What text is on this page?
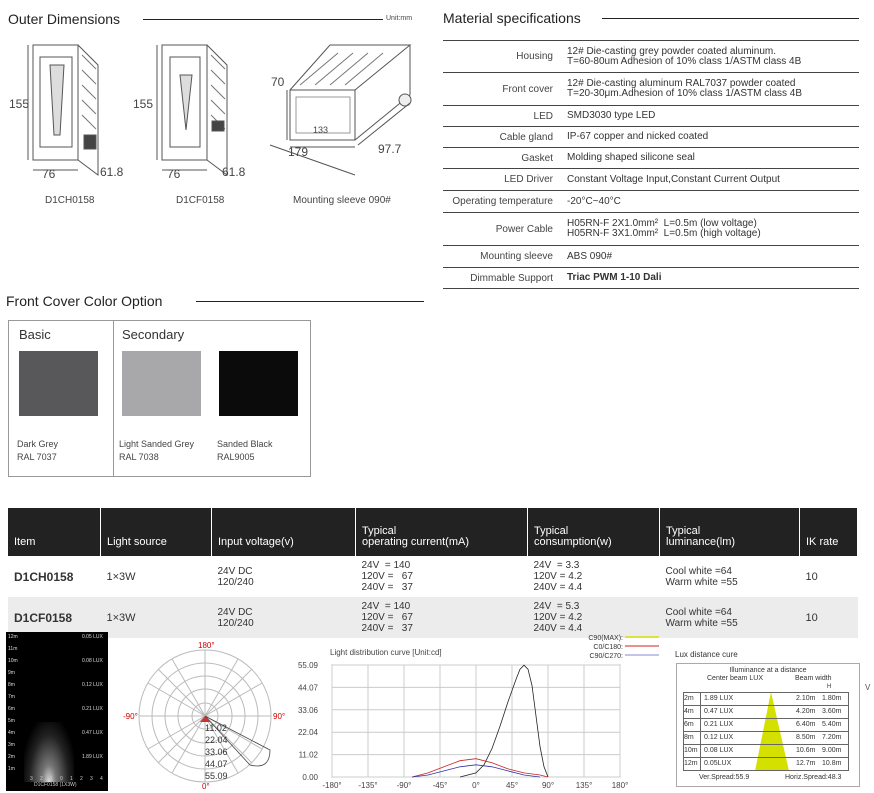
Outer Dimensions	Unit:mm
155
76	61.8
D1CH0158
155
76	61.8
D1CF0158
70
133
179	97.7
Mounting sleeve 090#
Material specifications
Housing	12# Die-casting grey powder coated aluminum.
T=60-80um Adhesion of 10% class 1/ASTM class 4B
Front cover	12# Die-casting aluminum RAL7037 powder coated
T=20-30μm.Adhesion of 10% class 1/ASTM class 4B
LED	SMD3030 type LED
Cable gland	IP-67 copper and nicked coated
Gasket	Molding shaped silicone seal
LED Driver	Constant Voltage Input,Constant Current Output
Operating temperature	-20°C~40°C
Power Cable	H05RN-F 2X1.0mm²  L=0.5m (low voltage)
H05RN-F 3X1.0mm²  L=0.5m (high voltage)
Mounting sleeve	ABS 090#
Dimmable Support	Triac PWM 1-10 Dali
Front Cover Color Option
Basic	Secondary
Dark Grey
RAL 7037
Light Sanded Grey
RAL 7038
Sanded Black
RAL9005
Item	Light source	Input voltage(v)	Typical
operating current(mA)	Typical
consumption(w)	Typical
luminance(lm)	IK rate
D1CH0158	1×3W	24V DC
120/240	24V  = 140
120V =   67
240V =   37	24V  = 3.3
120V = 4.2
240V = 4.4	Cool white =64
Warm white =55	10
D1CF0158	1×3W	24V DC
120/240	24V  = 140
120V =   67
240V =   37	24V  = 5.3
120V = 4.2
240V = 4.4	Cool white =64
Warm white =55	10
12m
11m
10m
9m
8m
7m
6m
5m
4m
3m
2m
1m
0.05 LUX
0.08 LUX
0.12 LUX
0.21 LUX
0.47 LUX
1.89 LUX
3 2 1 0 1 2 3 4
D1CF0158 (1X3W)
180°
-90°	90°
0°
11.02
22.04
33.06
44.07
55.09
Light distribution curve [Unit:cd]
-180° -135° -90°	-45°	0°	45°	90°	135° 180°
55.09
44.07
33.06
22.04
11.02
0.00
C90(MAX):
C0/C180:
C90/C270:	Lux distance cure
Illuminance at a distance
Center beam LUX	Beam width
H
2m 1.89 LUX	2.10m 1.80m
4m 0.47 LUX	4.20m 3.60m
6m 0.21 LUX	6.40m 5.40m
8m 0.12 LUX	8.50m 7.20m
10m 0.08 LUX	10.6m 9.00m
12m 0.05LUX	12.7m 10.8m
Ver.Spread:55.9	Horiz.Spread:48.3
V
